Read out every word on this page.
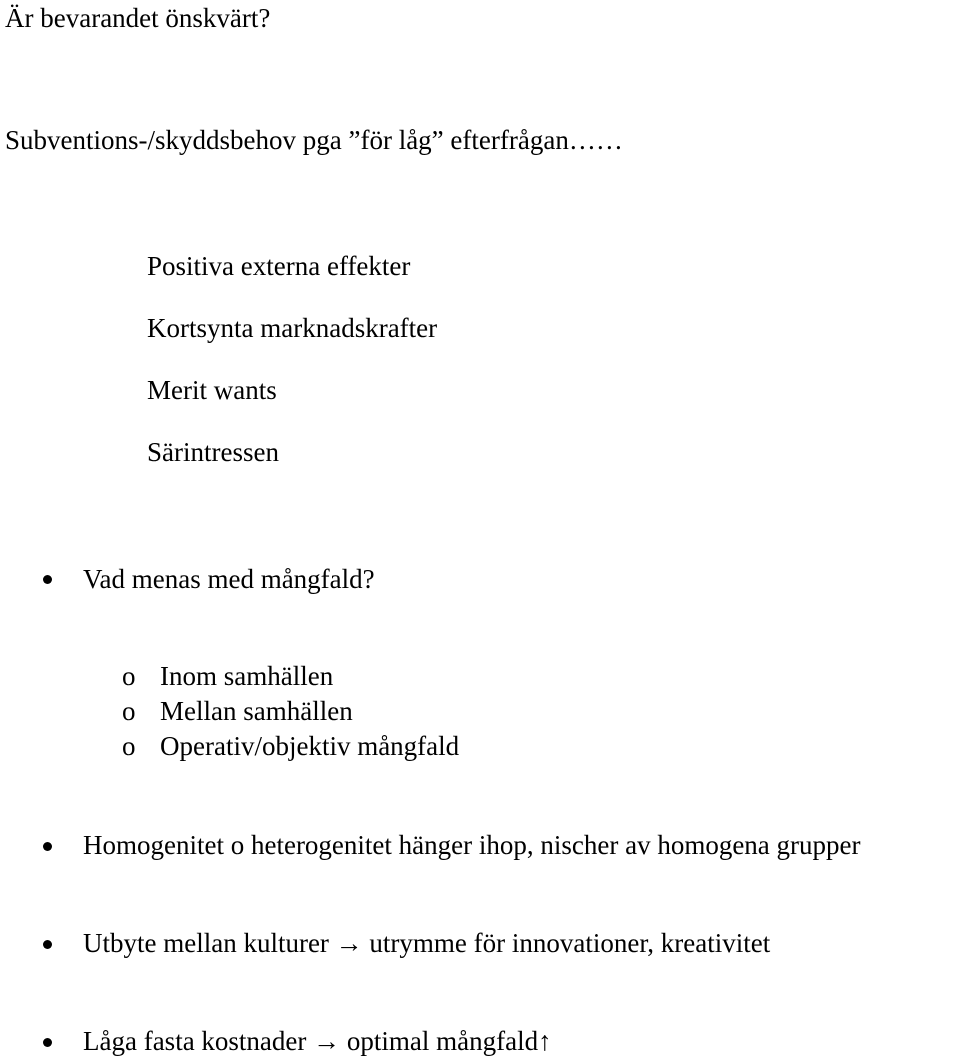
Är bevarandet önskvärt?
Subventions-/skyddsbehov pga ”för låg” efterfrågan……
Positiva externa effekter
Kortsynta marknadskrafter
Merit wants
Särintressen
Vad menas med mångfald?
o Inom samhällen
o Mellan samhällen
o Operativ/objektiv mångfald
Homogenitet o heterogenitet hänger ihop, nischer av homogena grupper
Utbyte mellan kulturer → utrymme för innovationer, kreativitet
Låga fasta kostnader → optimal mångfald↑
